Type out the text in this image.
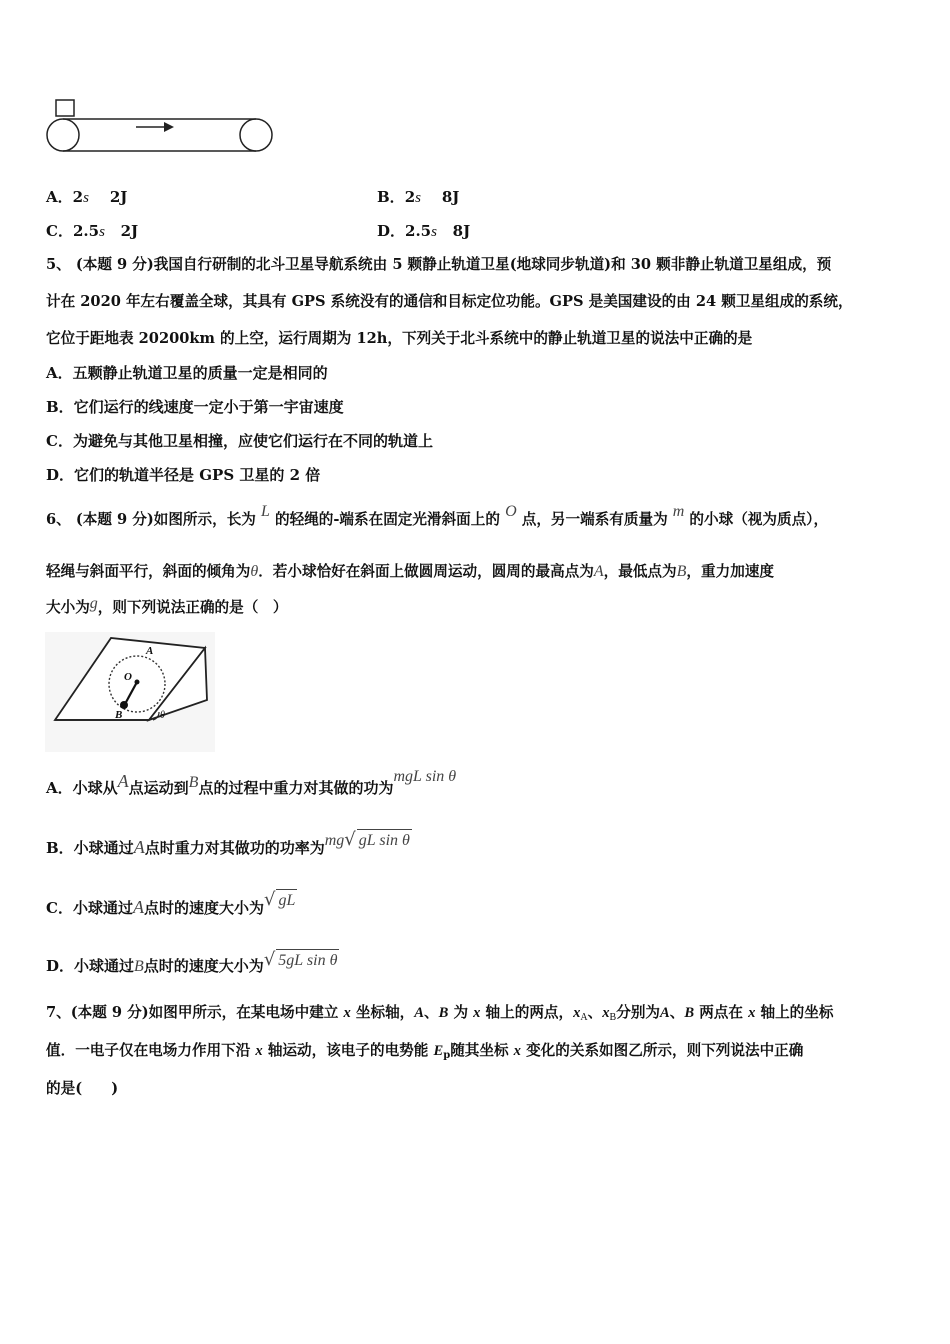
A．2s 2J	B．2s 8J
C．2.5s 2J	D．2.5s 8J
5、 (本题 9 分)我国自行研制的北斗卫星导航系统由 5 颗静止轨道卫星(地球同步轨道)和 30 颗非静止轨道卫星组成，预
计在 2020 年左右覆盖全球，其具有 GPS 系统没有的通信和目标定位功能。GPS 是美国建设的由 24 颗卫星组成的系统，
它位于距地表 20200km 的上空，运行周期为 12h，下列关于北斗系统中的静止轨道卫星的说法中正确的是
A．五颗静止轨道卫星的质量一定是相同的
B．它们运行的线速度一定小于第一宇宙速度
C．为避免与其他卫星相撞，应使它们运行在不同的轨道上
D．它们的轨道半径是 GPS 卫星的 2 倍
6、 (本题 9 分)如图所示，长为 L 的轻绳的-端系在固定光滑斜面上的 O 点，另一端系有质量为 m 的小球（视为质点），
轻绳与斜面平行，斜面的倾角为θ．若小球恰好在斜面上做圆周运动，圆周的最高点为A，最低点为B，重力加速度
大小为g，则下列说法正确的是（　）
A
O
B	θ
A．小球从A点运动到B点的过程中重力对其做的功为mgL sin θ
B．小球通过A点时重力对其做功的功率为mg√ gL sin θ
C．小球通过A点时的速度大小为√ gL
D．小球通过B点时的速度大小为√ 5gL sin θ
7、(本题 9 分)如图甲所示，在某电场中建立 x 坐标轴，A、B 为 x 轴上的两点，$x_A$、$x_B$分别为A、B 两点在 x 轴上的坐标
值．一电子仅在电场力作用下沿 x 轴运动，该电子的电势能 $E_p$随其坐标 x 变化的关系如图乙所示，则下列说法中正确
的是(　　)
